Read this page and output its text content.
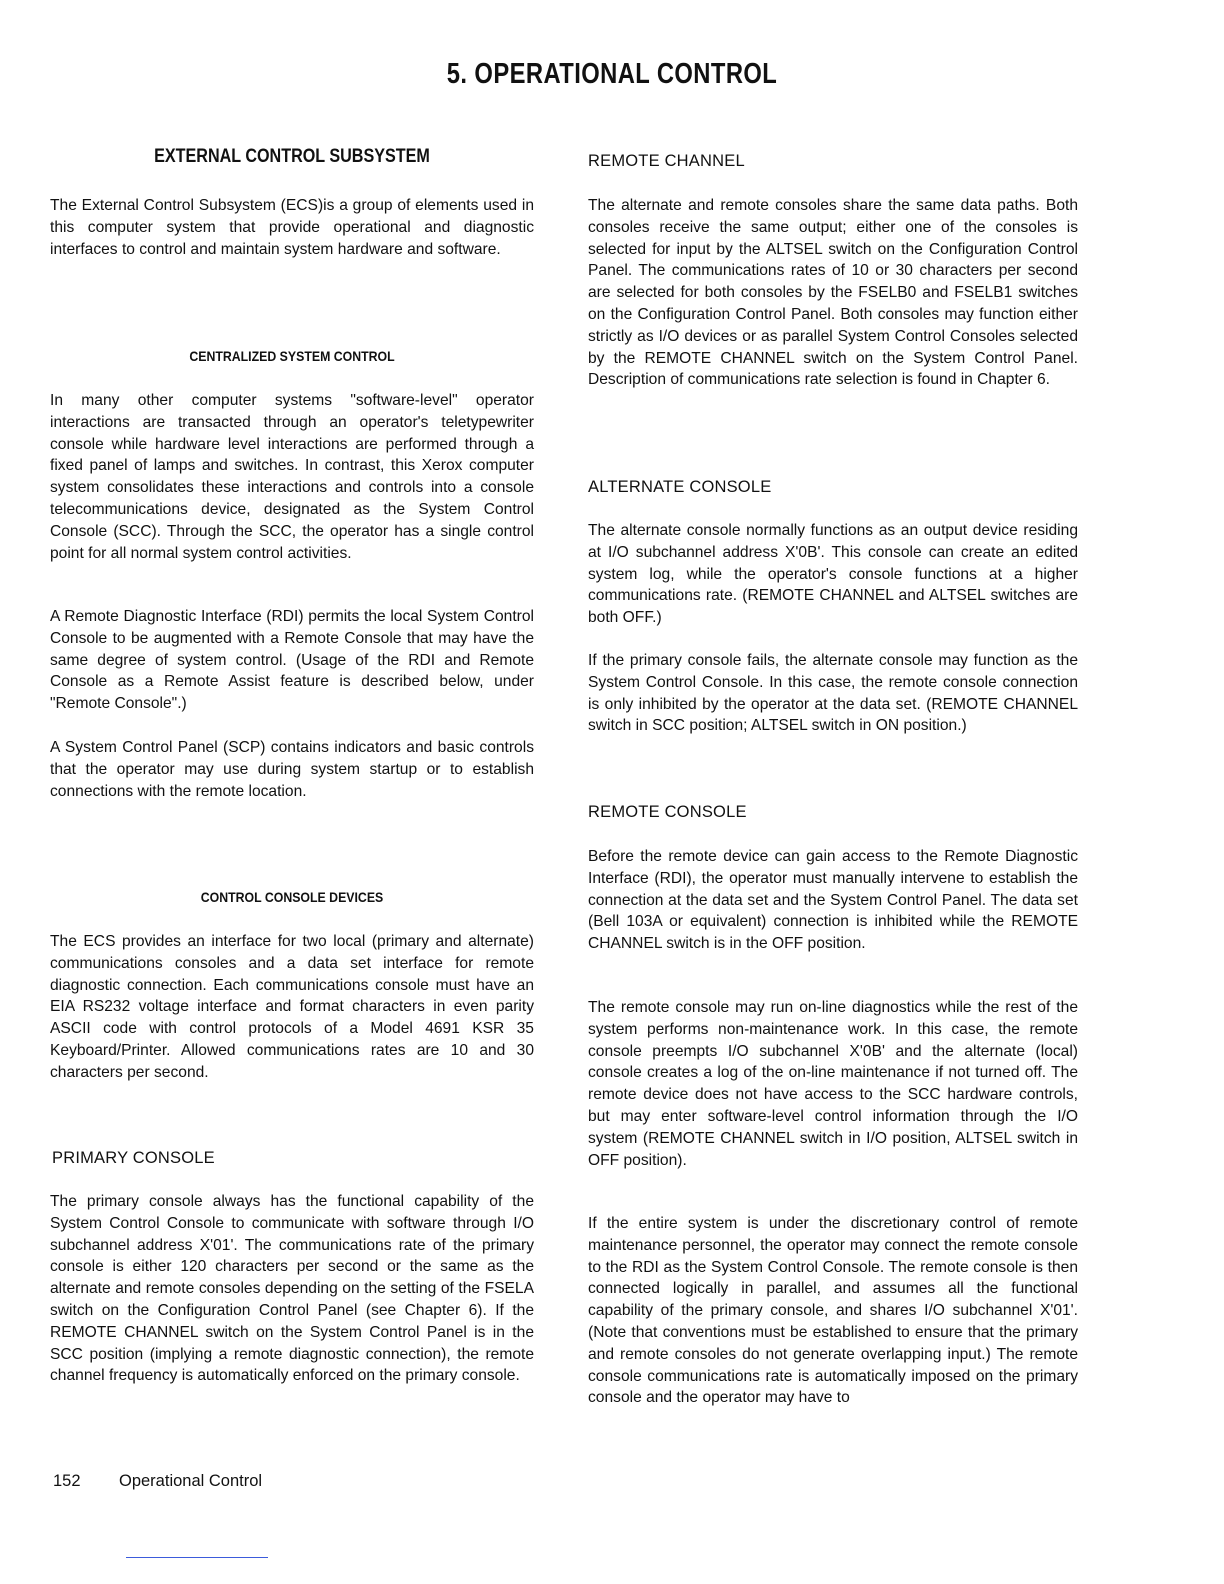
5. OPERATIONAL CONTROL
EXTERNAL CONTROL SUBSYSTEM

The External Control Subsystem (ECS)is a group of elements used in this computer system that provide operational and diagnostic interfaces to control and maintain system hardware and software.

CENTRALIZED SYSTEM CONTROL

In many other computer systems "software-level" operator interactions are transacted through an operator's teletypewriter console while hardware level interactions are performed through a fixed panel of lamps and switches. In contrast, this Xerox computer system consolidates these interactions and controls into a console telecommunications device, designated as the System Control Console (SCC). Through the SCC, the operator has a single control point for all normal system control activities.

A Remote Diagnostic Interface (RDI) permits the local System Control Console to be augmented with a Remote Console that may have the same degree of system control. (Usage of the RDI and Remote Console as a Remote Assist feature is described below, under "Remote Console".)

A System Control Panel (SCP) contains indicators and basic controls that the operator may use during system startup or to establish connections with the remote location.

CONTROL CONSOLE DEVICES

The ECS provides an interface for two local (primary and alternate) communications consoles and a data set interface for remote diagnostic connection. Each communications console must have an EIA RS232 voltage interface and format characters in even parity ASCII code with control protocols of a Model 4691 KSR 35 Keyboard/Printer. Allowed communications rates are 10 and 30 characters per second.

PRIMARY CONSOLE

The primary console always has the functional capability of the System Control Console to communicate with software through I/O subchannel address X'01'. The communications rate of the primary console is either 120 characters per second or the same as the alternate and remote consoles depending on the setting of the FSELA switch on the Configuration Control Panel (see Chapter 6). If the REMOTE CHANNEL switch on the System Control Panel is in the SCC position (implying a remote diagnostic connection), the remote channel frequency is automatically enforced on the primary console.

REMOTE CHANNEL

The alternate and remote consoles share the same data paths. Both consoles receive the same output; either one of the consoles is selected for input by the ALTSEL switch on the Configuration Control Panel. The communications rates of 10 or 30 characters per second are selected for both consoles by the FSELB0 and FSELB1 switches on the Configuration Control Panel. Both consoles may function either strictly as I/O devices or as parallel System Control Consoles selected by the REMOTE CHANNEL switch on the System Control Panel. Description of communications rate selection is found in Chapter 6.

ALTERNATE CONSOLE

The alternate console normally functions as an output device residing at I/O subchannel address X'0B'. This console can create an edited system log, while the operator's console functions at a higher communications rate. (REMOTE CHANNEL and ALTSEL switches are both OFF.)

If the primary console fails, the alternate console may function as the System Control Console. In this case, the remote console connection is only inhibited by the operator at the data set. (REMOTE CHANNEL switch in SCC position; ALTSEL switch in ON position.)

REMOTE CONSOLE

Before the remote device can gain access to the Remote Diagnostic Interface (RDI), the operator must manually intervene to establish the connection at the data set and the System Control Panel. The data set (Bell 103A or equivalent) connection is inhibited while the REMOTE CHANNEL switch is in the OFF position.

The remote console may run on-line diagnostics while the rest of the system performs non-maintenance work. In this case, the remote console preempts I/O subchannel X'0B' and the alternate (local) console creates a log of the on-line maintenance if not turned off. The remote device does not have access to the SCC hardware controls, but may enter software-level control information through the I/O system (REMOTE CHANNEL switch in I/O position, ALTSEL switch in OFF position).

If the entire system is under the discretionary control of remote maintenance personnel, the operator may connect the remote console to the RDI as the System Control Console. The remote console is then connected logically in parallel, and assumes all the functional capability of the primary console, and shares I/O subchannel X'01'. (Note that conventions must be established to ensure that the primary and remote consoles do not generate overlapping input.) The remote console communications rate is automatically imposed on the primary console and the operator may have to

152 Operational Control
